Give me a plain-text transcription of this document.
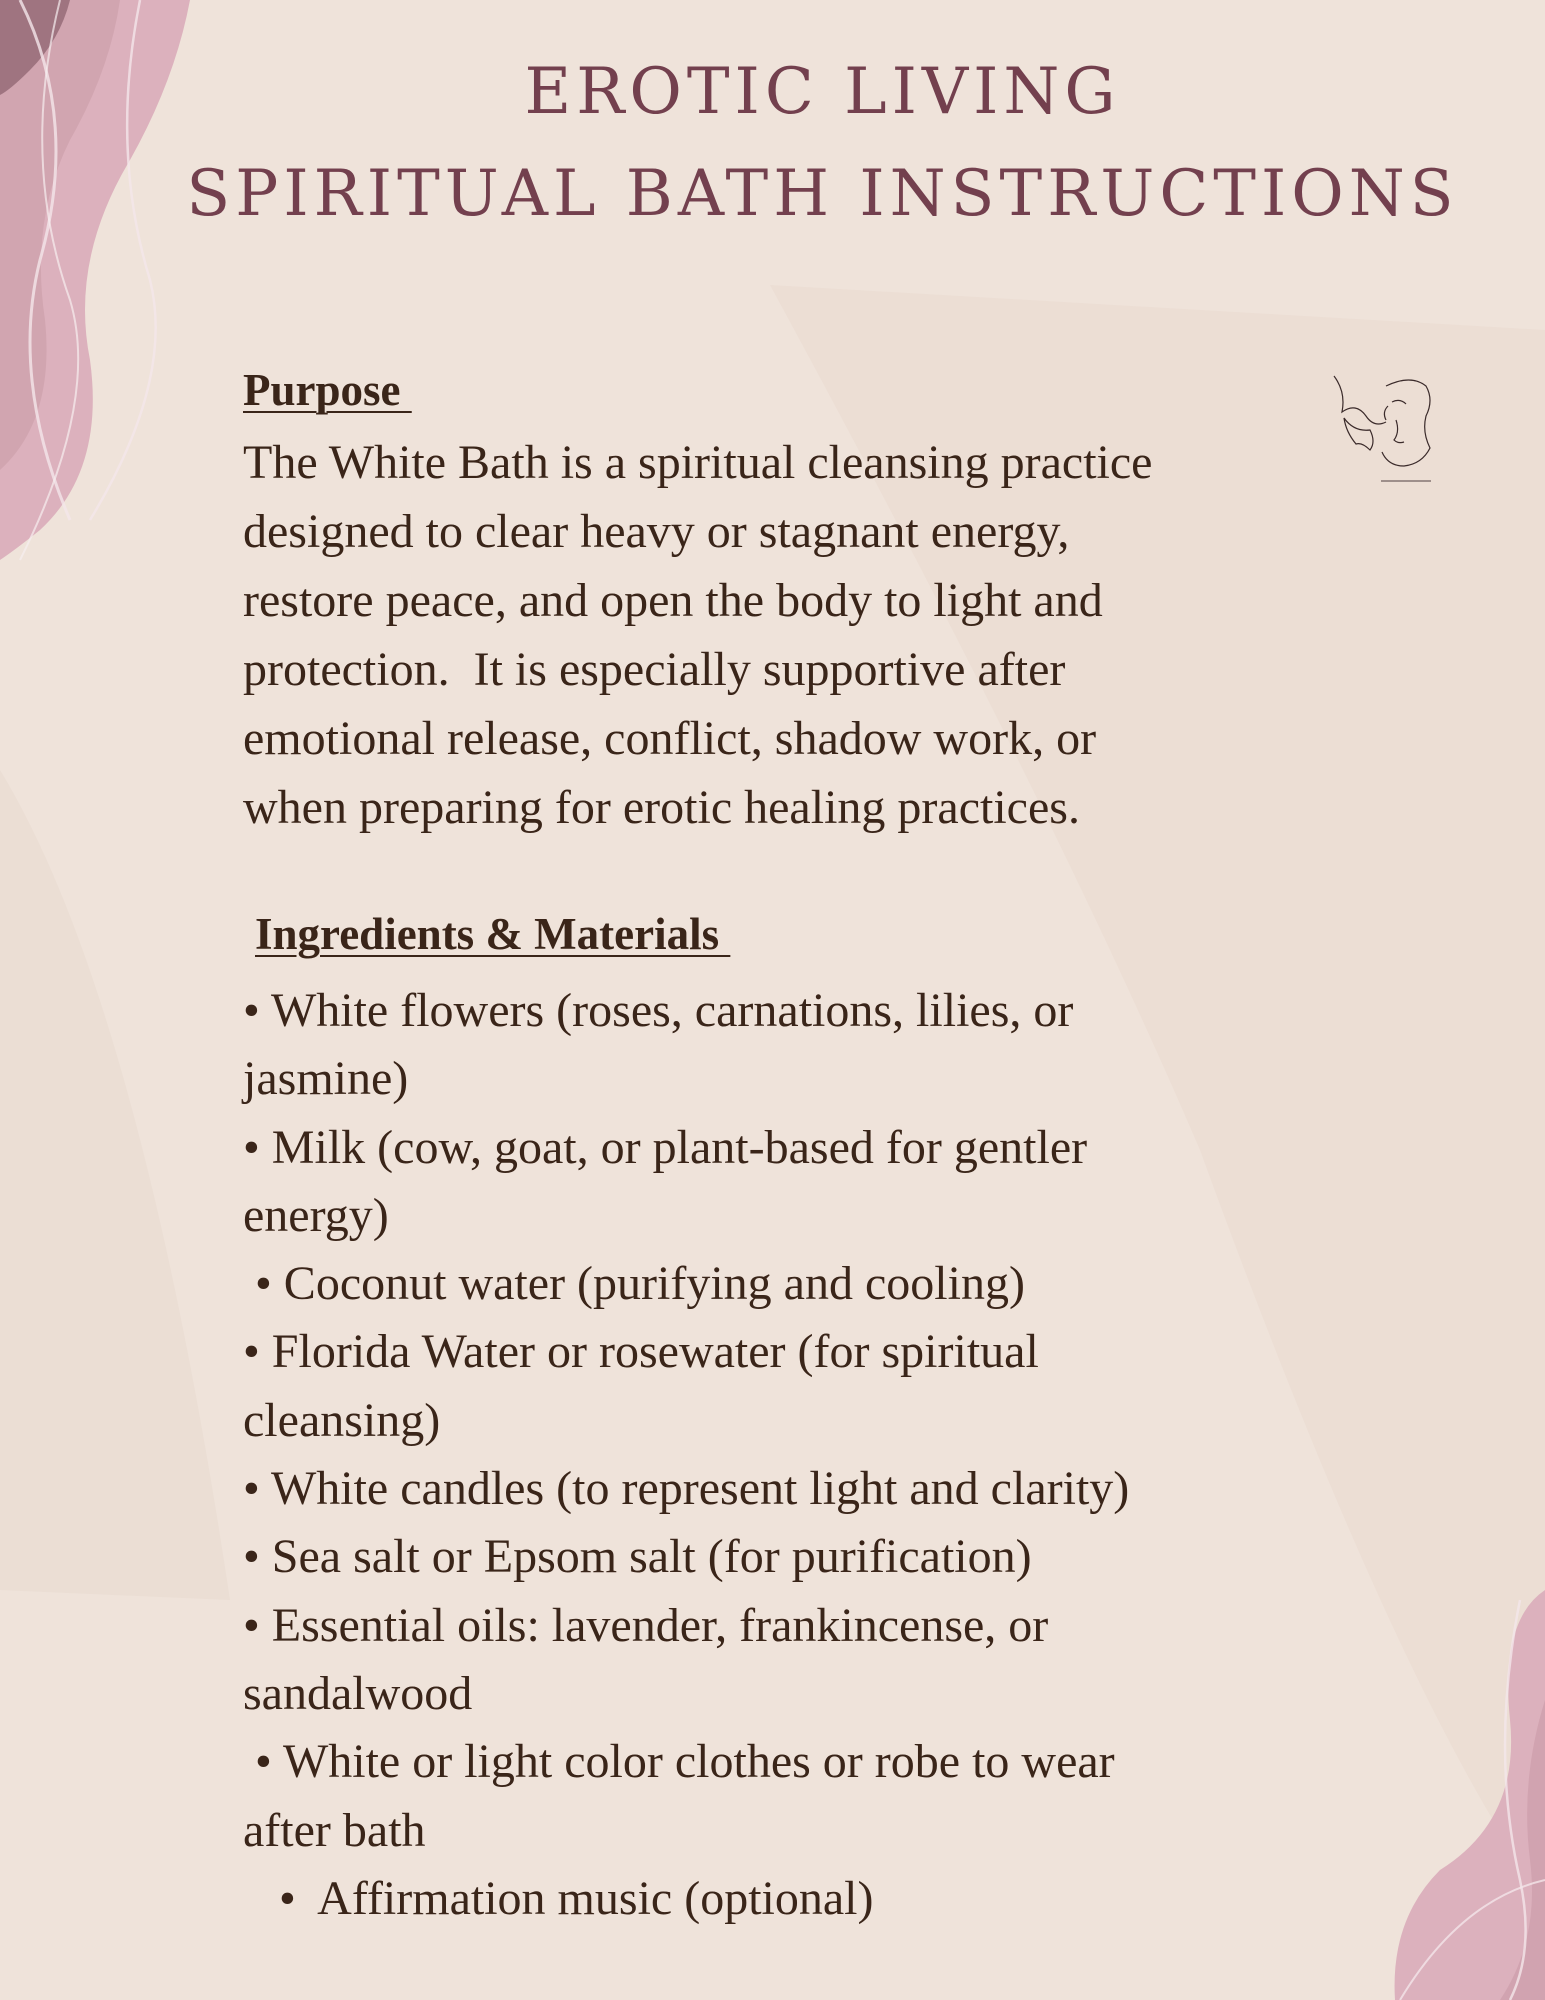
EROTIC LIVING
SPIRITUAL BATH INSTRUCTIONS
Purpose
The White Bath is a spiritual cleansing practice
designed to clear heavy or stagnant energy,
restore peace, and open the body to light and
protection.  It is especially supportive after
emotional release, conflict, shadow work, or
when preparing for erotic healing practices.
Ingredients & Materials
• White flowers (roses, carnations, lilies, or
jasmine)
• Milk (cow, goat, or plant-based for gentler
energy)
• Coconut water (purifying and cooling)
• Florida Water or rosewater (for spiritual
cleansing)
• White candles (to represent light and clarity)
• Sea salt or Epsom salt (for purification)
• Essential oils: lavender, frankincense, or
sandalwood
• White or light color clothes or robe to wear
after bath
•  Affirmation music (optional)
